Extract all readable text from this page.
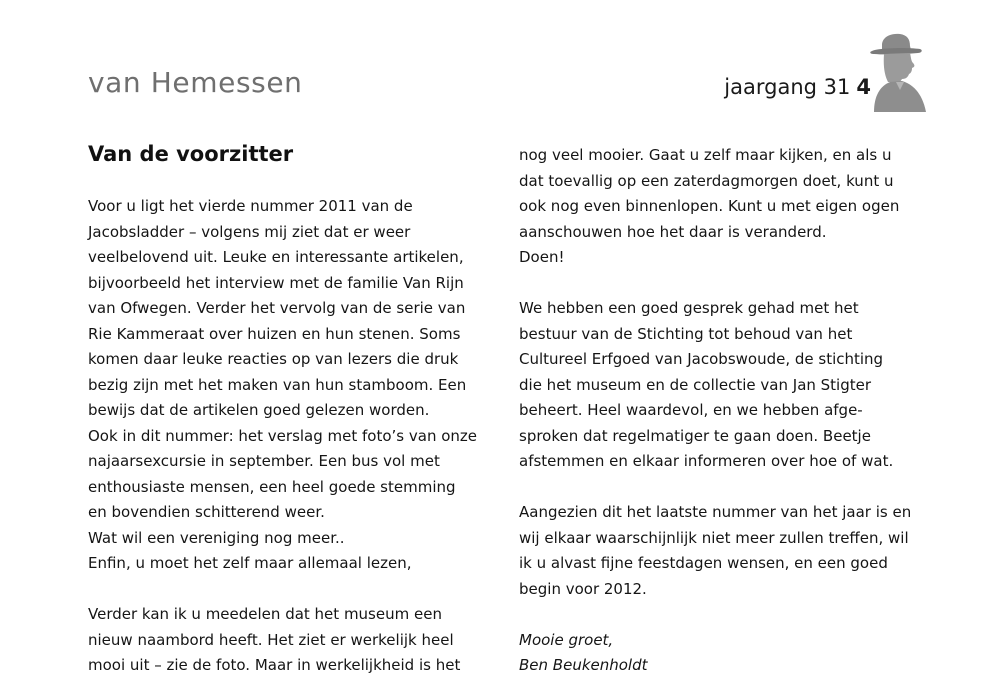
van Hemessen	jaargang 31 4
Van de voorzitter
Voor u ligt het vierde nummer 2011 van de
Jacobsladder – volgens mij ziet dat er weer
veelbelovend uit. Leuke en interessante artikelen,
bijvoorbeeld het interview met de familie Van Rijn
van Ofwegen. Verder het vervolg van de serie van
Rie Kammeraat over huizen en hun stenen. Soms
komen daar leuke reacties op van lezers die druk
bezig zijn met het maken van hun stamboom. Een
bewijs dat de artikelen goed gelezen worden.
Ook in dit nummer: het verslag met foto’s van onze
najaarsexcursie in september. Een bus vol met
enthousiaste mensen, een heel goede stemming
en bovendien schitterend weer.
Wat wil een vereniging nog meer..
Enfin, u moet het zelf maar allemaal lezen,
Verder kan ik u meedelen dat het museum een
nieuw naambord heeft. Het ziet er werkelijk heel
mooi uit – zie de foto. Maar in werkelijkheid is het
nog veel mooier. Gaat u zelf maar kijken, en als u
dat toevallig op een zaterdagmorgen doet, kunt u
ook nog even binnenlopen. Kunt u met eigen ogen
aanschouwen hoe het daar is veranderd.
Doen!
We hebben een goed gesprek gehad met het
bestuur van de Stichting tot behoud van het
Cultureel Erfgoed van Jacobswoude, de stichting
die het museum en de collectie van Jan Stigter
beheert. Heel waardevol, en we hebben afge-
sproken dat regelmatiger te gaan doen. Beetje
afstemmen en elkaar informeren over hoe of wat.
Aangezien dit het laatste nummer van het jaar is en
wij elkaar waarschijnlijk niet meer zullen treffen, wil
ik u alvast fijne feestdagen wensen, en een goed
begin voor 2012.
Mooie groet,
Ben Beukenholdt
